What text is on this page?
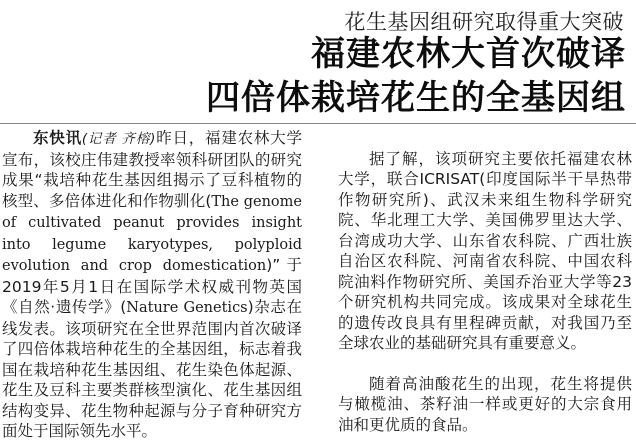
花生基因组研究取得重大突破
福建农林大首次破译
四倍体栽培花生的全基因组

东快讯(记者 齐榕)昨日，福建农林大学宣布，该校庄伟建教授率领科研团队的研究成果“栽培种花生基因组揭示了豆科植物的核型、多倍体进化和作物驯化(The genome of cultivated peanut provides insight into legume karyotypes, polyploid evolution and crop domestication)”于2019年5月1日在国际学术权威刊物英国《自然·遗传学》(Nature Genetics)杂志在线发表。该项研究在全世界范围内首次破译了四倍体栽培种花生的全基因组，标志着我国在栽培种花生基因组、花生染色体起源、花生及豆科主要类群核型演化、花生基因组结构变异、花生物种起源与分子育种研究方面处于国际领先水平。

据了解，该项研究主要依托福建农林大学，联合ICRISAT(印度国际半干旱热带作物研究所)、武汉未来组生物科学研究院、华北理工大学、美国佛罗里达大学、台湾成功大学、山东省农科院、广西壮族自治区农科院、河南省农科院、中国农科院油料作物研究所、美国乔治亚大学等23个研究机构共同完成。该成果对全球花生的遗传改良具有里程碑贡献，对我国乃至全球农业的基础研究具有重要意义。

随着高油酸花生的出现，花生将提供与橄榄油、茶籽油一样或更好的大宗食用油和更优质的食品。
